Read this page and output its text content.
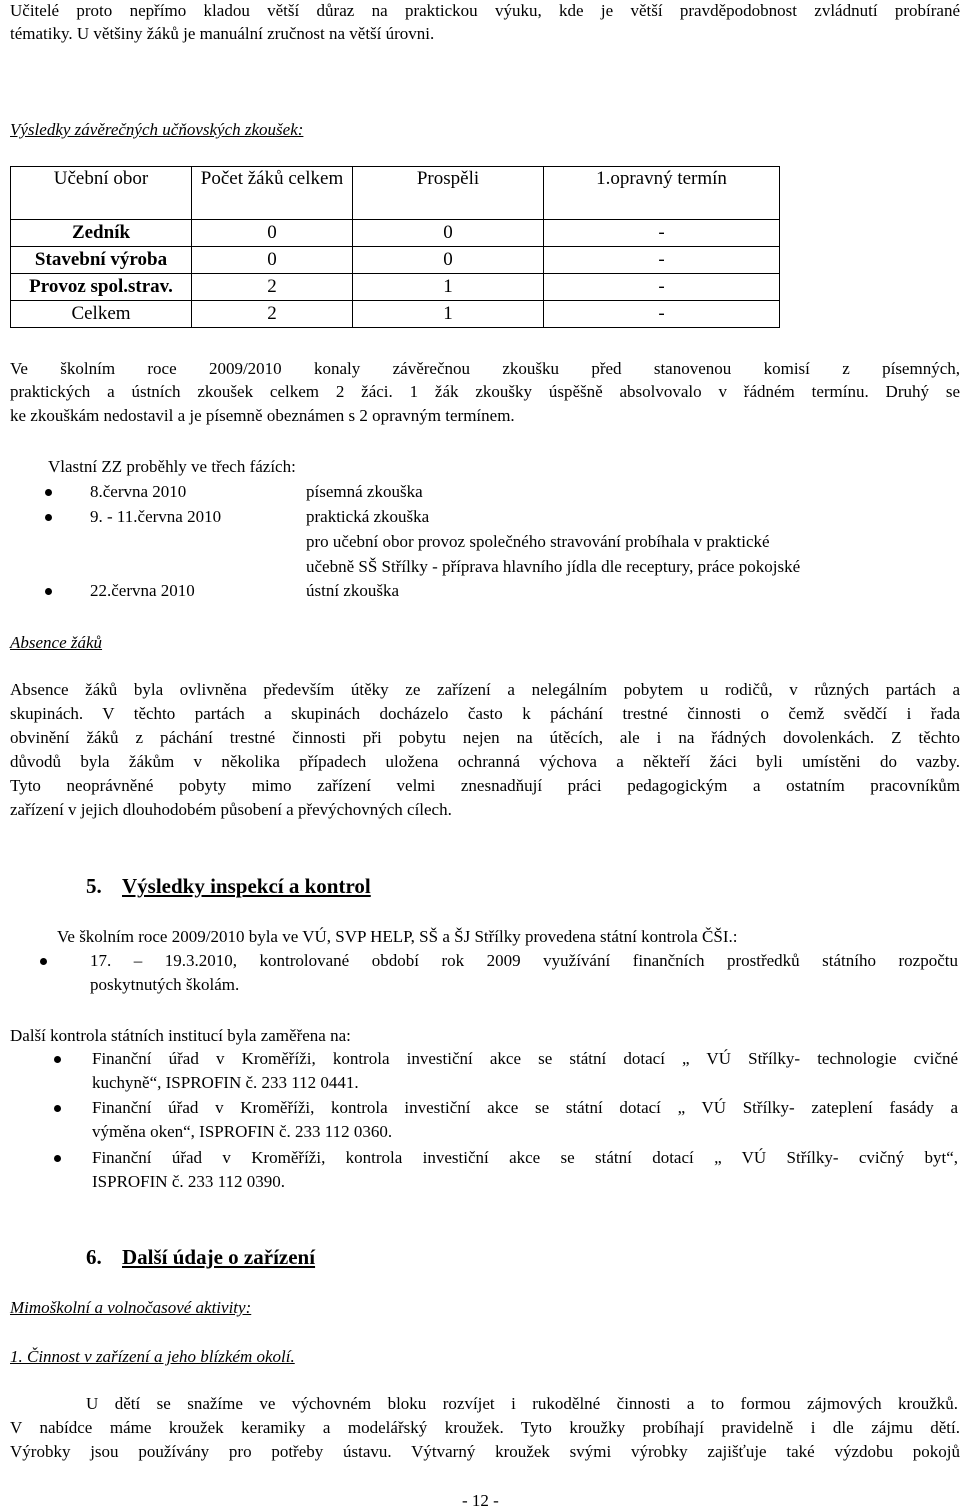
Učitelé proto nepřímo kladou větší důraz na praktickou výuku, kde je větší pravděpodobnost zvládnutí probírané
tématiky. U většiny žáků je manuální zručnost na větší úrovni.
Výsledky závěrečných učňovských zkoušek:
Učební obor	Počet žáků celkem	Prospěli	1.opravný termín
Zedník	0	0	-
Stavební výroba	0	0	-
Provoz spol.strav.	2	1	-
Celkem	2	1	-
Ve školním roce 2009/2010 konaly závěrečnou zkoušku před stanovenou komisí z písemných,
praktických a ústních zkoušek celkem 2 žáci. 1 žák zkoušky úspěšně absolvovalo v řádném termínu. Druhý se
ke zkouškám nedostavil a je písemně obeznámen s 2 opravným termínem.
Vlastní ZZ proběhly ve třech fázích:
8.června 2010	písemná zkouška
9. - 11.června 2010	praktická zkouška
pro učební obor provoz společného stravování probíhala v praktické
učebně SŠ Střílky - příprava hlavního jídla dle receptury, práce pokojské
22.června 2010	ústní zkouška
Absence žáků
Absence žáků byla ovlivněna především útěky ze zařízení a nelegálním pobytem u rodičů, v různých partách a
skupinách. V těchto partách a skupinách docházelo často k páchání trestné činnosti o čemž svědčí i řada
obvinění žáků z páchání trestné činnosti při pobytu nejen na útěcích, ale i na řádných dovolenkách. Z těchto
důvodů byla žákům v několika případech uložena ochranná výchova a někteří žáci byli umístěni do vazby.
Tyto neoprávněné pobyty mimo zařízení velmi znesnadňují práci pedagogickým a ostatním pracovníkům
zařízení v jejich dlouhodobém působení a převýchovných cílech.
5. Výsledky inspekcí a kontrol
Ve školním roce 2009/2010 byla ve VÚ, SVP HELP, SŠ a ŠJ Střílky provedena státní kontrola ČŠI.:
17. – 19.3.2010, kontrolované období rok 2009 využívání finančních prostředků státního rozpočtu
poskytnutých školám.
Další kontrola státních institucí byla zaměřena na:
Finanční úřad v Kroměříži, kontrola investiční akce se státní dotací „ VÚ Střílky- technologie cvičné
kuchyně“, ISPROFIN č. 233 112 0441.
Finanční úřad v Kroměříži, kontrola investiční akce se státní dotací „ VÚ Střílky- zateplení fasády a
výměna oken“, ISPROFIN č. 233 112 0360.
Finanční úřad v Kroměříži, kontrola investiční akce se státní dotací „ VÚ Střílky- cvičný byt“,
ISPROFIN č. 233 112 0390.
6. Další údaje o zařízení
Mimoškolní a volnočasové aktivity:
1. Činnost v zařízení a jeho blízkém okolí.
U dětí se snažíme ve výchovném bloku rozvíjet i rukodělné činnosti a to formou zájmových kroužků.
V nabídce máme kroužek keramiky a modelářský kroužek. Tyto kroužky probíhají pravidelně i dle zájmu dětí.
Výrobky jsou používány pro potřeby ústavu. Výtvarný kroužek svými výrobky zajišťuje také výzdobu pokojů
- 12 -
